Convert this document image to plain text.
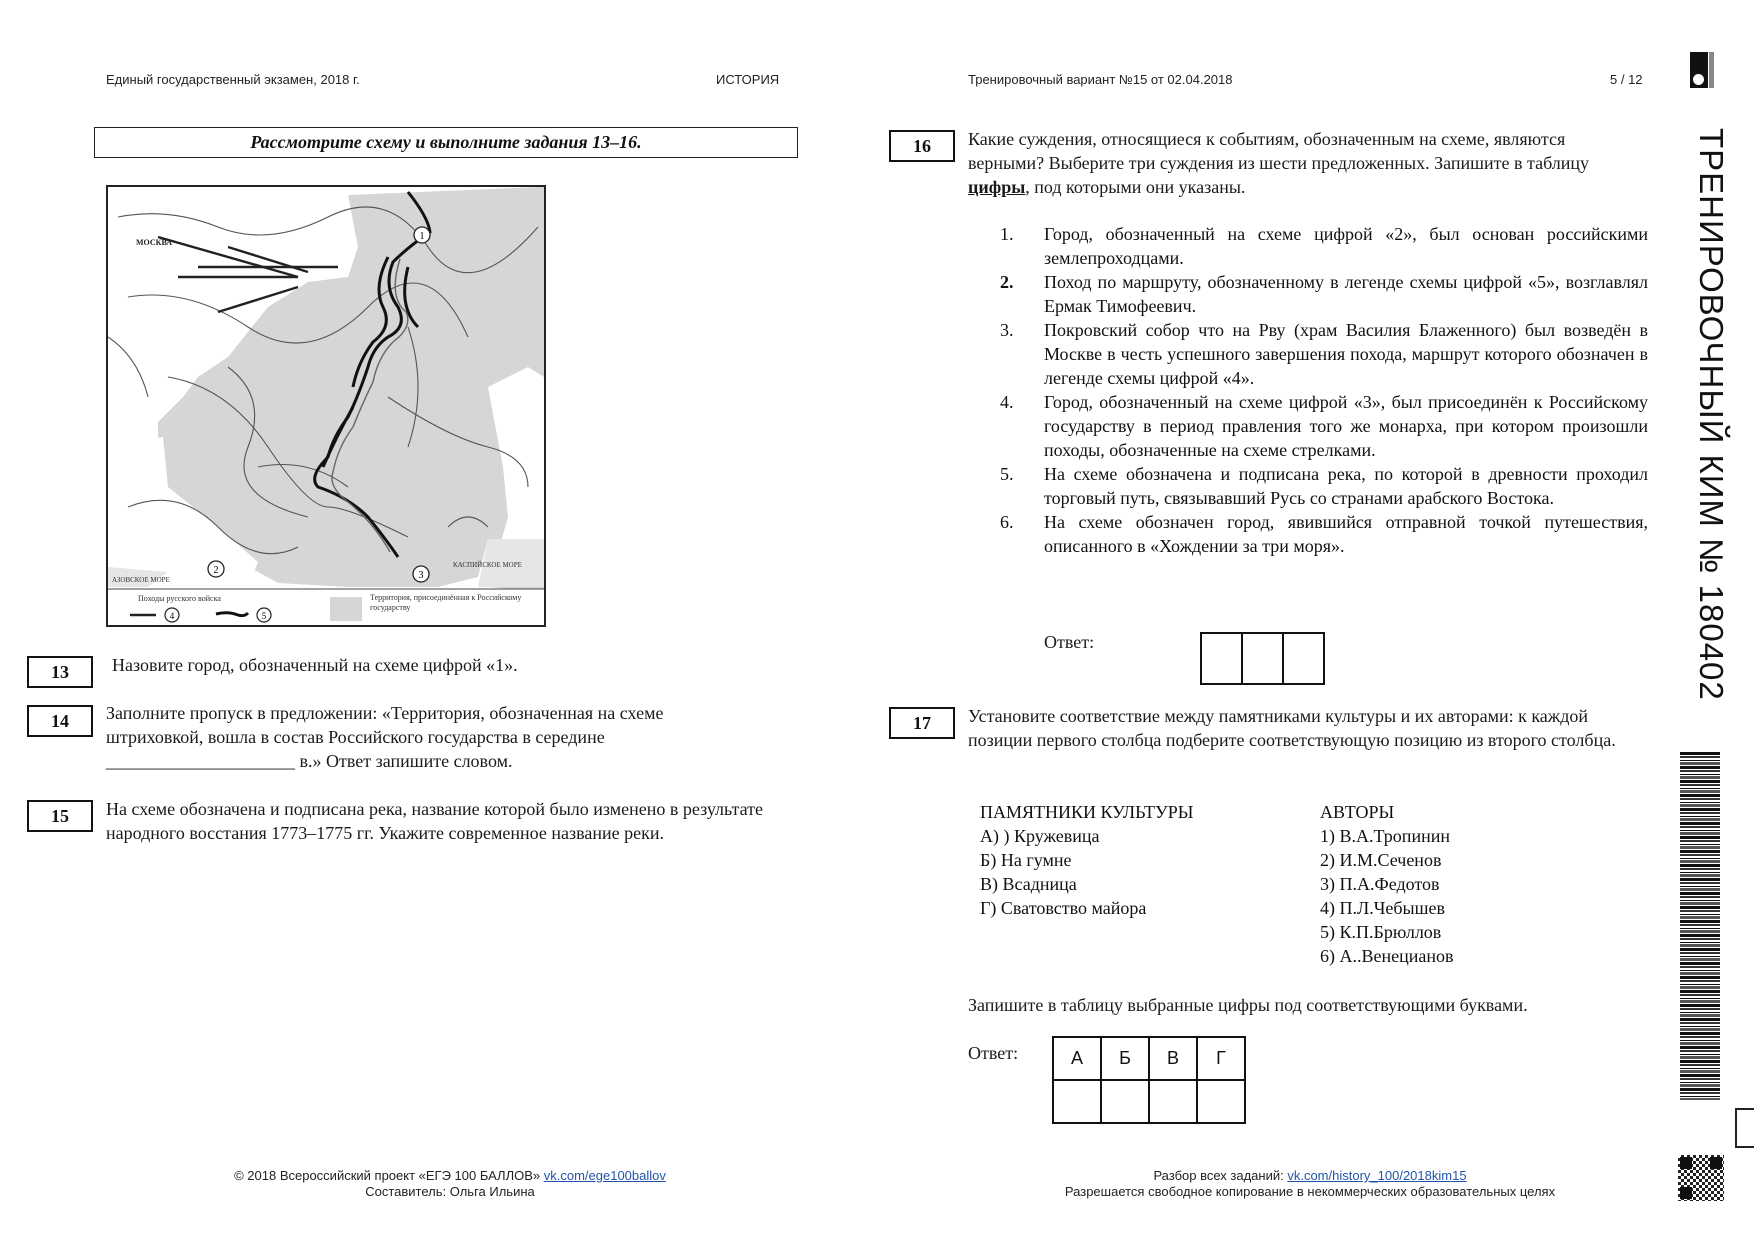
Единый государственный экзамен, 2018 г.	ИСТОРИЯ	Тренировочный вариант №15 от 02.04.2018	5 / 12
Рассмотрите схему и выполните задания 13–16.
1
2	3
МОСКВА
КАСПИЙСКОЕ МОРЕ
АЗОВСКОЕ МОРЕ
Походы русского войска
4	5
Территория, присоединённая к Российскому государству
13	Назовите город, обозначенный на схеме цифрой «1».
14	Заполните пропуск в предложении: «Территория, обозначенная на схеме
штриховкой, вошла в состав Российского государства в середине
_____________________ в.» Ответ запишите словом.
15	На схеме обозначена и подписана река, название которой было изменено в результате народного восстания 1773–1775 гг. Укажите современное название реки.
16	Какие суждения, относящиеся к событиям, обозначенным на схеме, являются верными? Выберите три суждения из шести предложенных. Запишите в таблицу цифры, под которыми они указаны.
1.	Город, обозначенный на схеме цифрой «2», был основан российскими землепроходцами.
2.	Поход по маршруту, обозначенному в легенде схемы цифрой «5», возглавлял Ермак Тимофеевич.
3.	Покровский собор что на Рву (храм Василия Блаженного) был возведён в Москве в честь успешного завершения похода, маршрут которого обозначен в легенде схемы цифрой «4».
4.	Город, обозначенный на схеме цифрой «3», был присоединён к Российскому государству в период правления того же монарха, при котором произошли походы, обозначенные на схеме стрелками.
5.	На схеме обозначена и подписана река, по которой в древности проходил торговый путь, связывавший Русь со странами арабского Востока.
6.	На схеме обозначен город, явившийся отправной точкой путешествия, описанного в «Хождении за три моря».
Ответ:
17	Установите соответствие между памятниками культуры и их авторами: к каждой позиции первого столбца подберите соответствующую позицию из второго столбца.
ПАМЯТНИКИ КУЛЬТУРЫ
А) ) Кружевица
Б) На гумне
В) Всадница
Г) Сватовство майора
АВТОРЫ
1) В.А.Тропинин
2) И.М.Сеченов
3) П.А.Федотов
4) П.Л.Чебышев
5) К.П.Брюллов
6) А..Венецианов
Запишите в таблицу выбранные цифры под соответствующими буквами.
Ответ:	А	Б	В	Г
© 2018 Всероссийский проект «ЕГЭ 100 БАЛЛОВ» vk.com/ege100ballov
Составитель: Ольга Ильина
Разбор всех заданий: vk.com/history_100/2018kim15
Разрешается свободное копирование в некоммерческих образовательных целях
ТРЕНИРОВОЧНЫЙ КИМ № 180402
